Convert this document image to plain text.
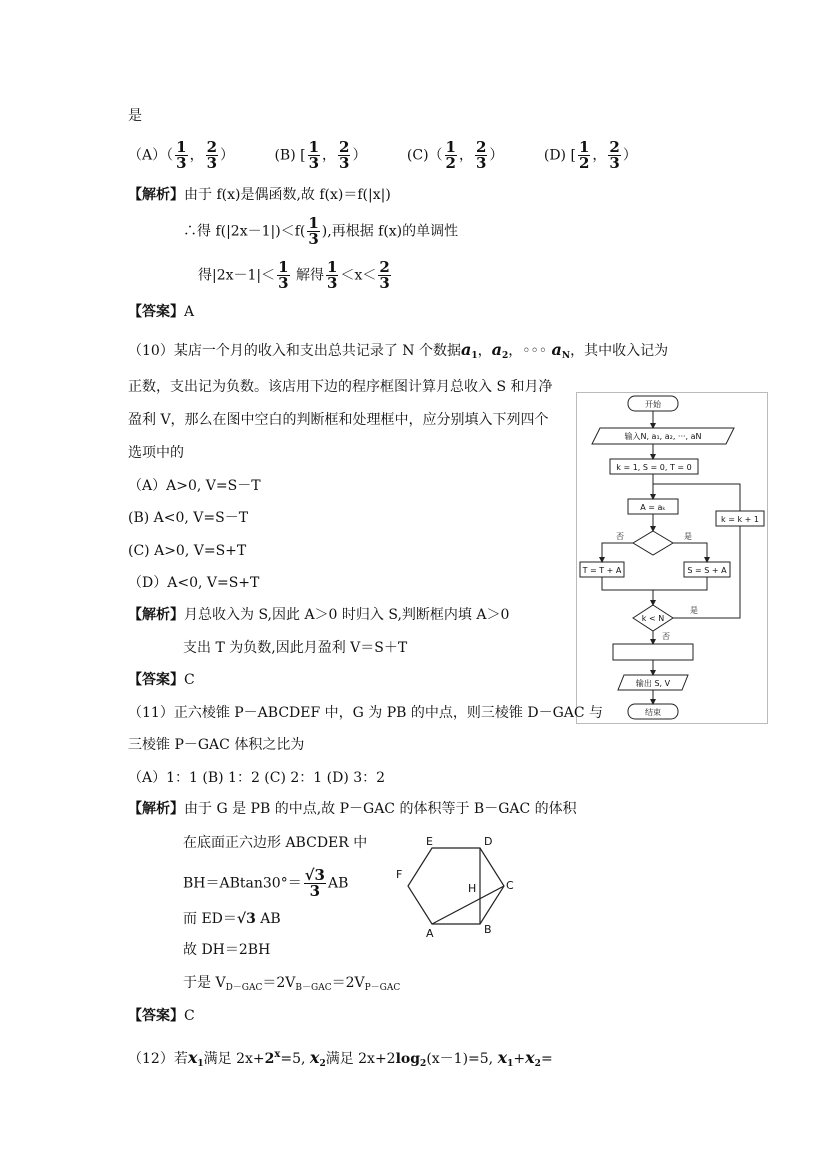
是
$(A)( \frac{1}{3}$ ， $\frac{2}{3}$ ）	(B) [ $\frac{1}{3}$ ， $\frac{2}{3}$ ）	$(C)( \frac{1}{2}$ ， $\frac{2}{3}$ ）	(D) [ $\frac{1}{2}$ ， $\frac{2}{3}$ ）
【解析】由于 f(x)是偶函数,故 f(x)＝f(|x|)
∴得 $f(|2x-1|)<f( \frac{1}{3}$ ),再根据 f(x)的单调性
得$|2x-1|< \frac{1}{3}$ 解得 $\frac{1}{3} <x< \frac{2}{3}$
【答案】A
（10）某店一个月的收入和支出总共记录了 N 个数据$a_1$，$a_2$，◦◦◦ $a_N$，其中收入记为
正数，支出记为负数。该店用下边的程序框图计算月总收入 S 和月净
盈利 V，那么在图中空白的判断框和处理框中，应分别填入下列四个
选项中的
（A）A>0, V=S－T
(B) A<0, V=S－T
(C) A>0, V=S+T
（D）A<0, V=S+T
【解析】月总收入为 S,因此 A＞0 时归入 S,判断框内填 A＞0
支出 T 为负数,因此月盈利 V＝S＋T
【答案】C
开始
输入N, a₁, a₂, ···, aN
k = 1, S = 0, T = 0
A = aₖ
否	是
T = T + A	S = S + A
k = k + 1
k < N
是
否
输出 S, V
结束
（11）正六棱锥 P－ABCDEF 中，G 为 PB 的中点，则三棱锥 D－GAC 与
三棱锥 P－GAC 体积之比为
（A）1：1 (B) 1：2 (C) 2：1 (D) 3：2
【解析】由于 G 是 PB 的中点,故 P－GAC 的体积等于 B－GAC 的体积
在底面正六边形 ABCDER 中
$BH=ABtan30^\circ= \frac{√3}{3}$ AB
而 ED＝√3 AB
故 DH＝2BH
于是 $V_{D-GAC}=2V_{B-GAC}=2V_{P-GAC}$
【答案】C
E	D
F
H	C
A	B
（12）若$x_1$满足 $2x+2^x=5$, $x_2$满足 $2x+2\log_2(x-1)=5$, $x_1+x_2=$
